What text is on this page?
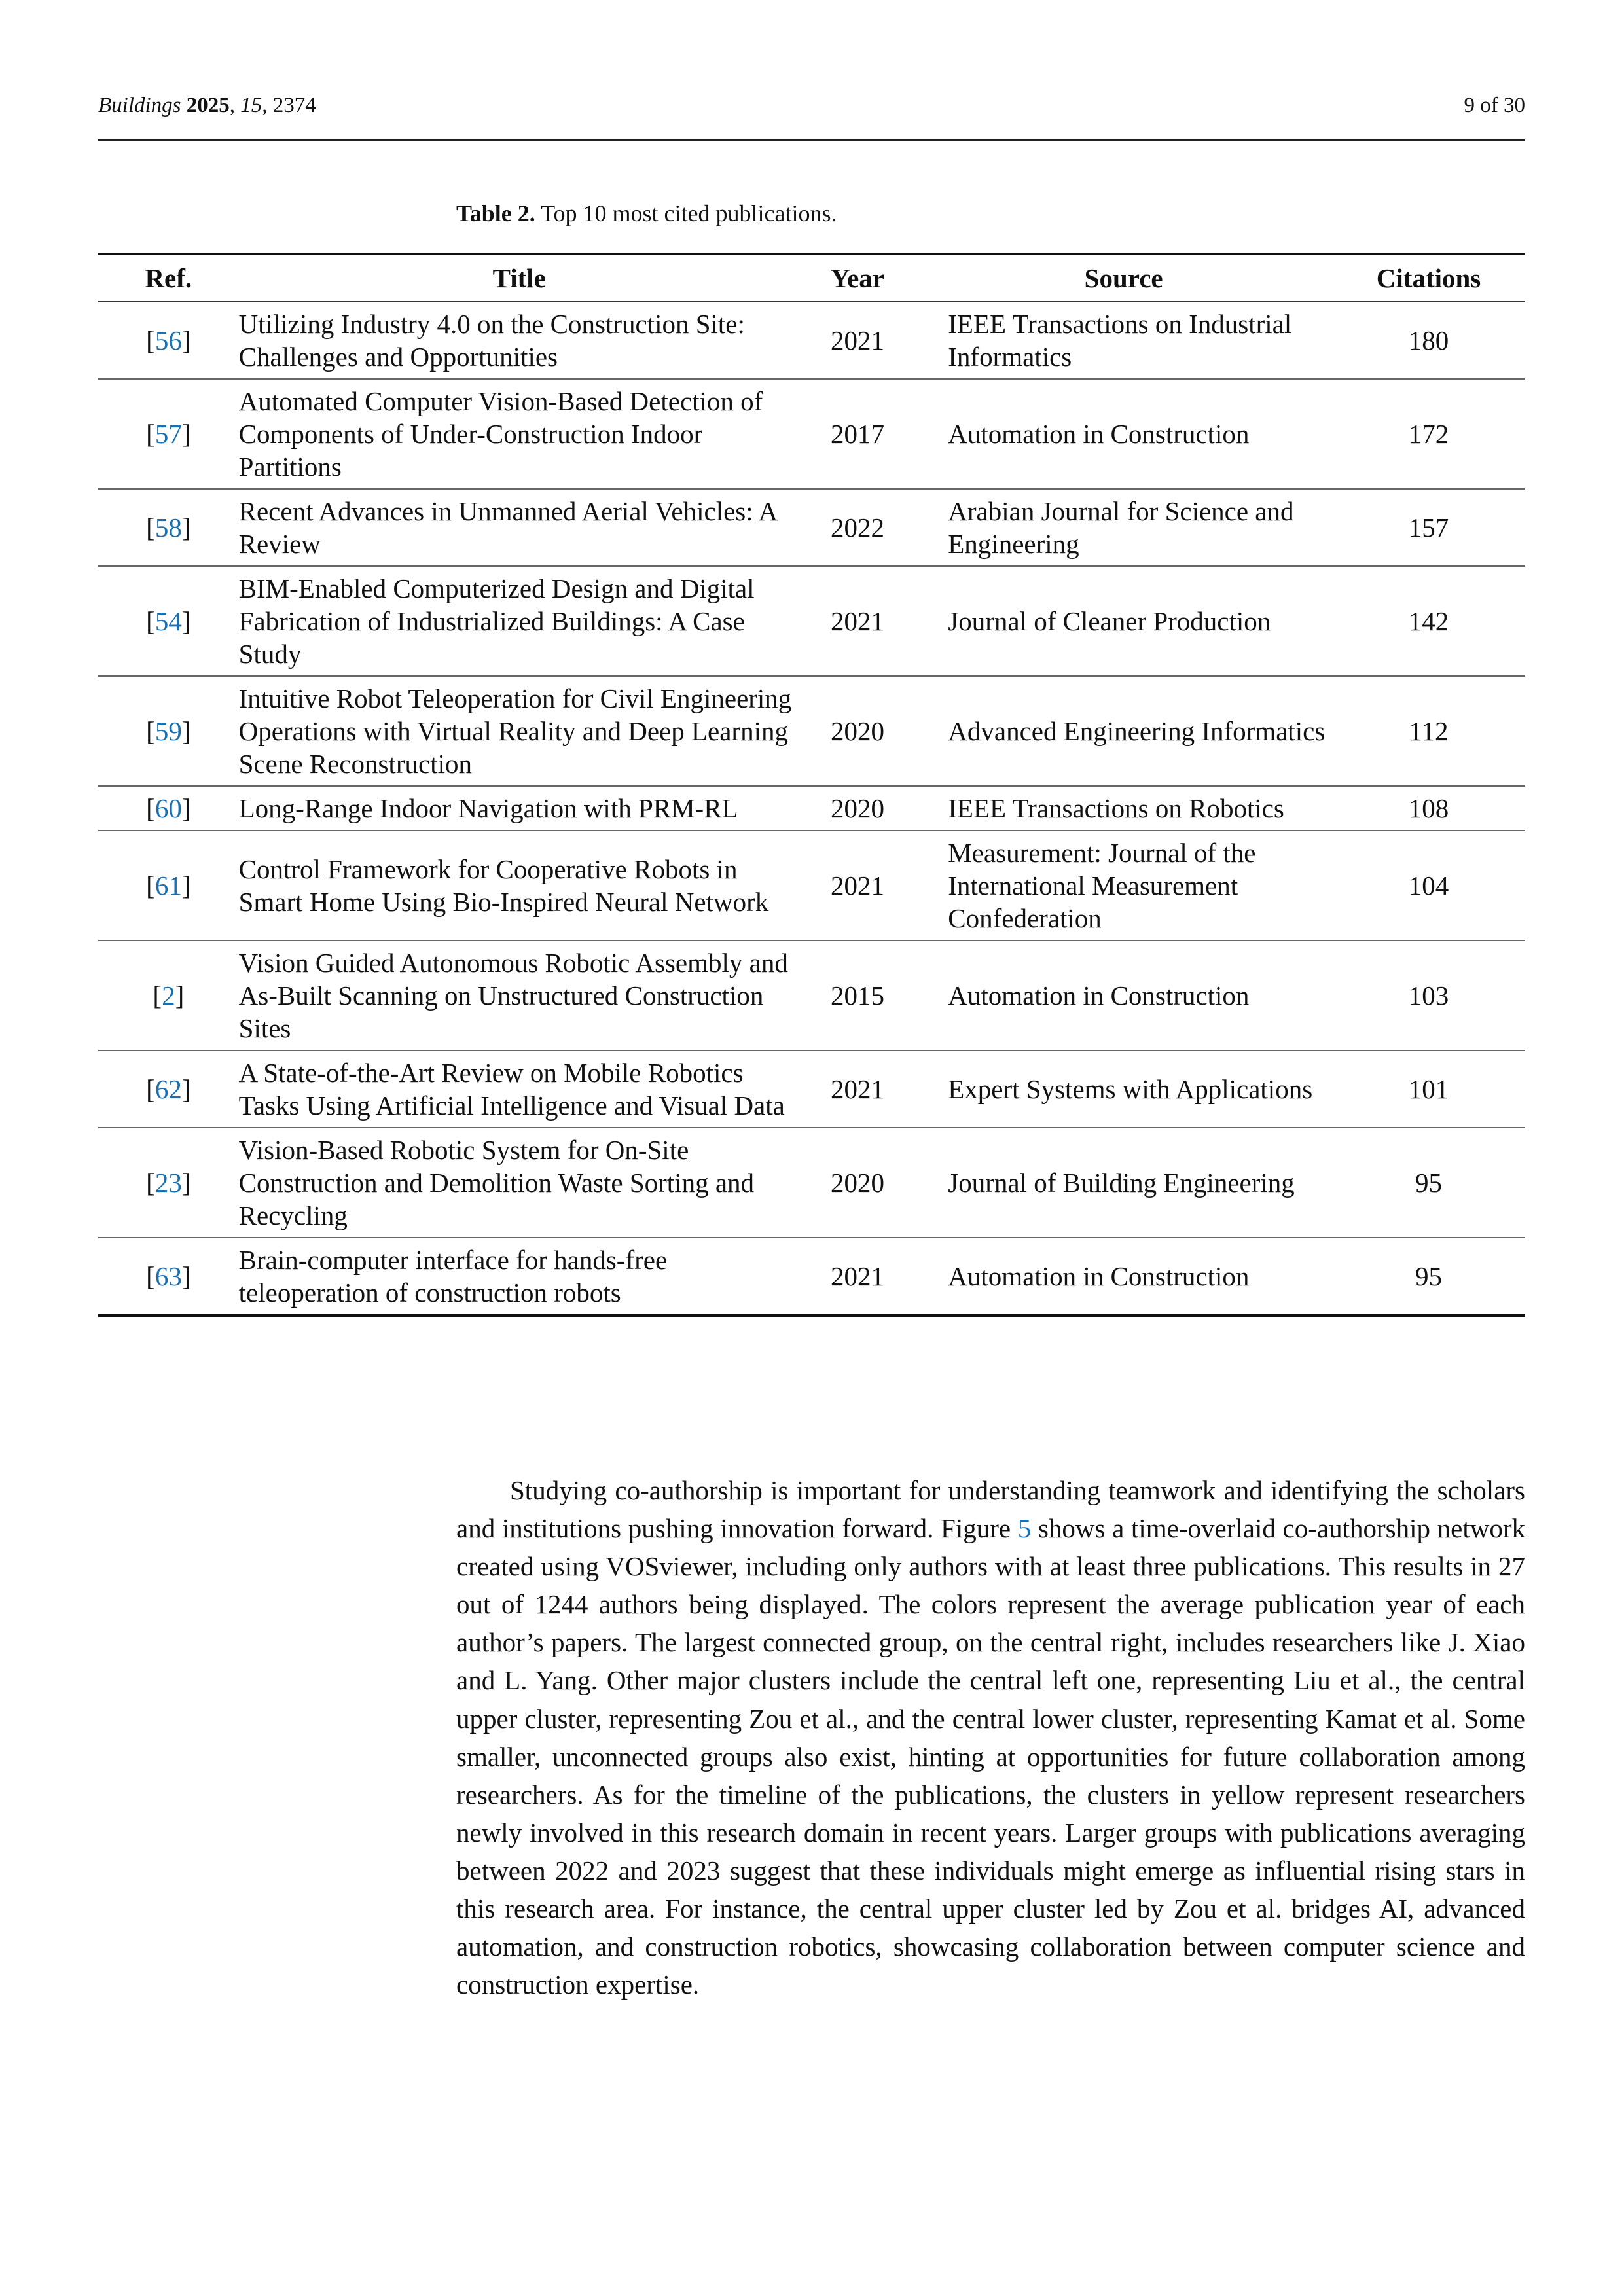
Buildings 2025, 15, 2374	9 of 30
Table 2. Top 10 most cited publications.
Ref.	Title	Year	Source	Citations
[56]	Utilizing Industry 4.0 on the Construction Site: Challenges and Opportunities	2021	IEEE Transactions on Industrial Informatics	180
[57]	Automated Computer Vision-Based Detection of Components of Under-Construction Indoor Partitions	2017	Automation in Construction	172
[58]	Recent Advances in Unmanned Aerial Vehicles: A Review	2022	Arabian Journal for Science and Engineering	157
[54]	BIM-Enabled Computerized Design and Digital Fabrication of Industrialized Buildings: A Case Study	2021	Journal of Cleaner Production	142
[59]	Intuitive Robot Teleoperation for Civil Engineering Operations with Virtual Reality and Deep Learning Scene Reconstruction	2020	Advanced Engineering Informatics	112
[60]	Long-Range Indoor Navigation with PRM-RL	2020	IEEE Transactions on Robotics	108
[61]	Control Framework for Cooperative Robots in Smart Home Using Bio-Inspired Neural Network	2021	Measurement: Journal of the International Measurement Confederation	104
[2]	Vision Guided Autonomous Robotic Assembly and As-Built Scanning on Unstructured Construction Sites	2015	Automation in Construction	103
[62]	A State-of-the-Art Review on Mobile Robotics Tasks Using Artificial Intelligence and Visual Data	2021	Expert Systems with Applications	101
[23]	Vision-Based Robotic System for On-Site Construction and Demolition Waste Sorting and Recycling	2020	Journal of Building Engineering	95
[63]	Brain-computer interface for hands-free teleoperation of construction robots	2021	Automation in Construction	95

Studying co-authorship is important for understanding teamwork and identifying the scholars and institutions pushing innovation forward. Figure 5 shows a time-overlaid co-authorship network created using VOSviewer, including only authors with at least three publications. This results in 27 out of 1244 authors being displayed. The colors represent the average publication year of each author’s papers. The largest connected group, on the central right, includes researchers like J. Xiao and L. Yang. Other major clusters include the central left one, representing Liu et al., the central upper cluster, representing Zou et al., and the central lower cluster, representing Kamat et al. Some smaller, unconnected groups also exist, hinting at opportunities for future collaboration among researchers. As for the timeline of the publications, the clusters in yellow represent researchers newly involved in this research domain in recent years. Larger groups with publications averaging between 2022 and 2023 suggest that these individuals might emerge as influential rising stars in this research area. For instance, the central upper cluster led by Zou et al. bridges AI, advanced automation, and construction robotics, showcasing collaboration between computer science and construction expertise.
